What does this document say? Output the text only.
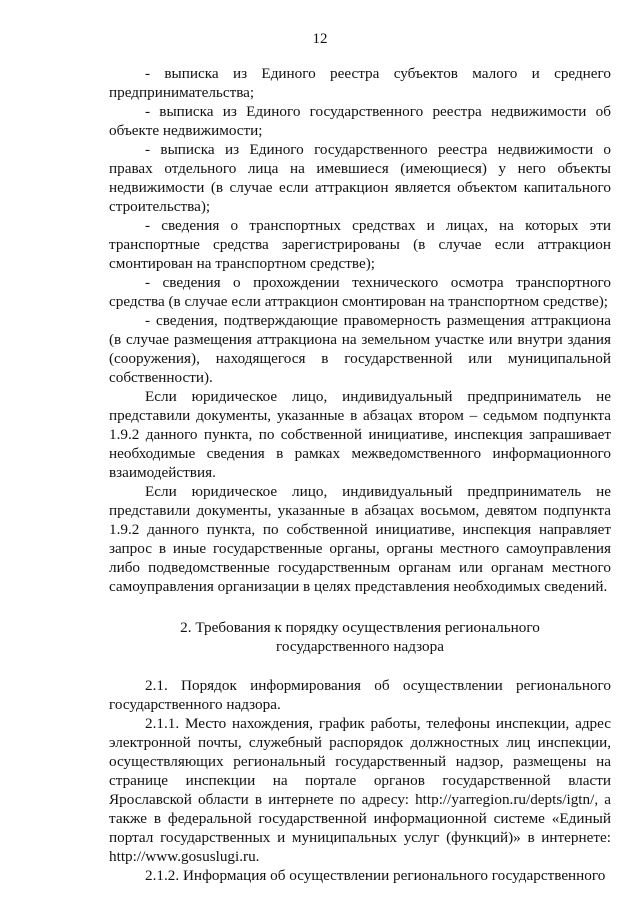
12

- выписка из Единого реестра субъектов малого и среднего предпринимательства;

- выписка из Единого государственного реестра недвижимости об объекте недвижимости;

- выписка из Единого государственного реестра недвижимости о правах отдельного лица на имевшиеся (имеющиеся) у него объекты недвижимости (в случае если аттракцион является объектом капитального строительства);

- сведения о транспортных средствах и лицах, на которых эти транспортные средства зарегистрированы (в случае если аттракцион смонтирован на транспортном средстве);

- сведения о прохождении технического осмотра транспортного средства (в случае если аттракцион смонтирован на транспортном средстве);

- сведения, подтверждающие правомерность размещения аттракциона (в случае размещения аттракциона на земельном участке или внутри здания (сооружения), находящегося в государственной или муниципальной собственности).

Если юридическое лицо, индивидуальный предприниматель не представили документы, указанные в абзацах втором – седьмом подпункта 1.9.2 данного пункта, по собственной инициативе, инспекция запрашивает необходимые сведения в рамках межведомственного информационного взаимодействия.

Если юридическое лицо, индивидуальный предприниматель не представили документы, указанные в абзацах восьмом, девятом подпункта 1.9.2 данного пункта, по собственной инициативе, инспекция направляет запрос в иные государственные органы, органы местного самоуправления либо подведомственные государственным органам или органам местного самоуправления организации в целях представления необходимых сведений.

2. Требования к порядку осуществления регионального
государственного надзора

2.1. Порядок информирования об осуществлении регионального государственного надзора.

2.1.1. Место нахождения, график работы, телефоны инспекции, адрес электронной почты, служебный распорядок должностных лиц инспекции, осуществляющих региональный государственный надзор, размещены на странице инспекции на портале органов государственной власти Ярославской области в интернете по адресу: http://yarregion.ru/depts/igtn/, а также в федеральной государственной информационной системе «Единый портал государственных и муниципальных услуг (функций)» в интернете: http://www.gosuslugi.ru.

2.1.2. Информация об осуществлении регионального государственного
